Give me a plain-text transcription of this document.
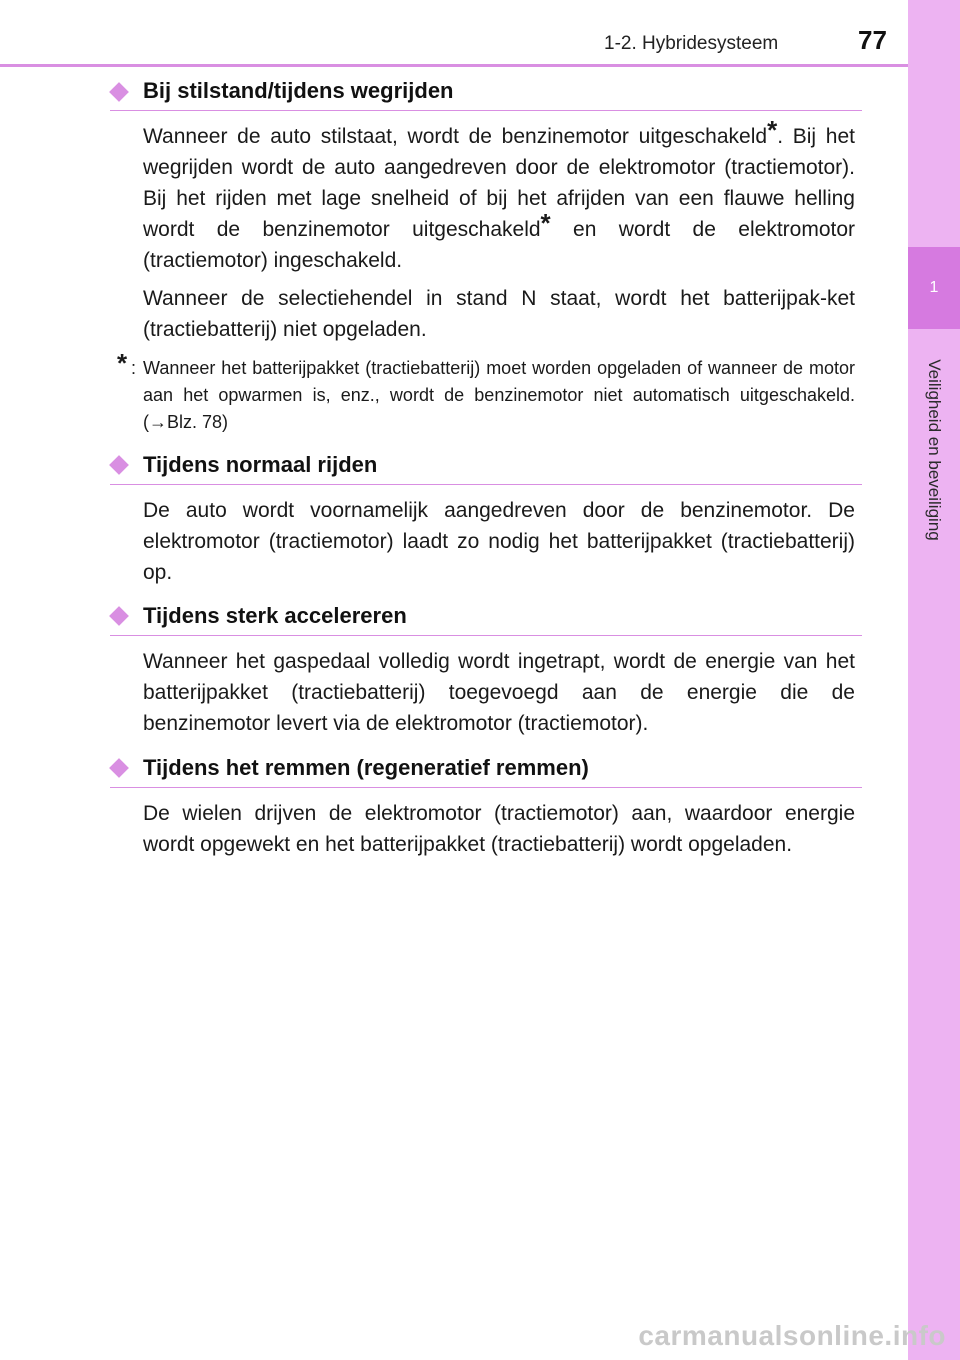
1
Veiligheid en beveiliging
1-2. Hybridesysteem	77
Bij stilstand/tijdens wegrijden

Wanneer de auto stilstaat, wordt de benzinemotor uitgeschakeld*. Bij het wegrijden wordt de auto aangedreven door de elektromotor (tractiemotor). Bij het rijden met lage snelheid of bij het afrijden van een flauwe helling wordt de benzinemotor uitgeschakeld* en wordt de elektromotor (tractiemotor) ingeschakeld.

Wanneer de selectiehendel in stand N staat, wordt het batterijpak-ket (tractiebatterij) niet opgeladen.

* : Wanneer het batterijpakket (tractiebatterij) moet worden opgeladen of wanneer de motor aan het opwarmen is, enz., wordt de benzinemotor niet automatisch uitgeschakeld. (→Blz. 78)

Tijdens normaal rijden

De auto wordt voornamelijk aangedreven door de benzinemotor. De elektromotor (tractiemotor) laadt zo nodig het batterijpakket (tractiebatterij) op.

Tijdens sterk accelereren

Wanneer het gaspedaal volledig wordt ingetrapt, wordt de energie van het batterijpakket (tractiebatterij) toegevoegd aan de energie die de benzinemotor levert via de elektromotor (tractiemotor).

Tijdens het remmen (regeneratief remmen)

De wielen drijven de elektromotor (tractiemotor) aan, waardoor energie wordt opgewekt en het batterijpakket (tractiebatterij) wordt opgeladen.

carmanualsonline.info
